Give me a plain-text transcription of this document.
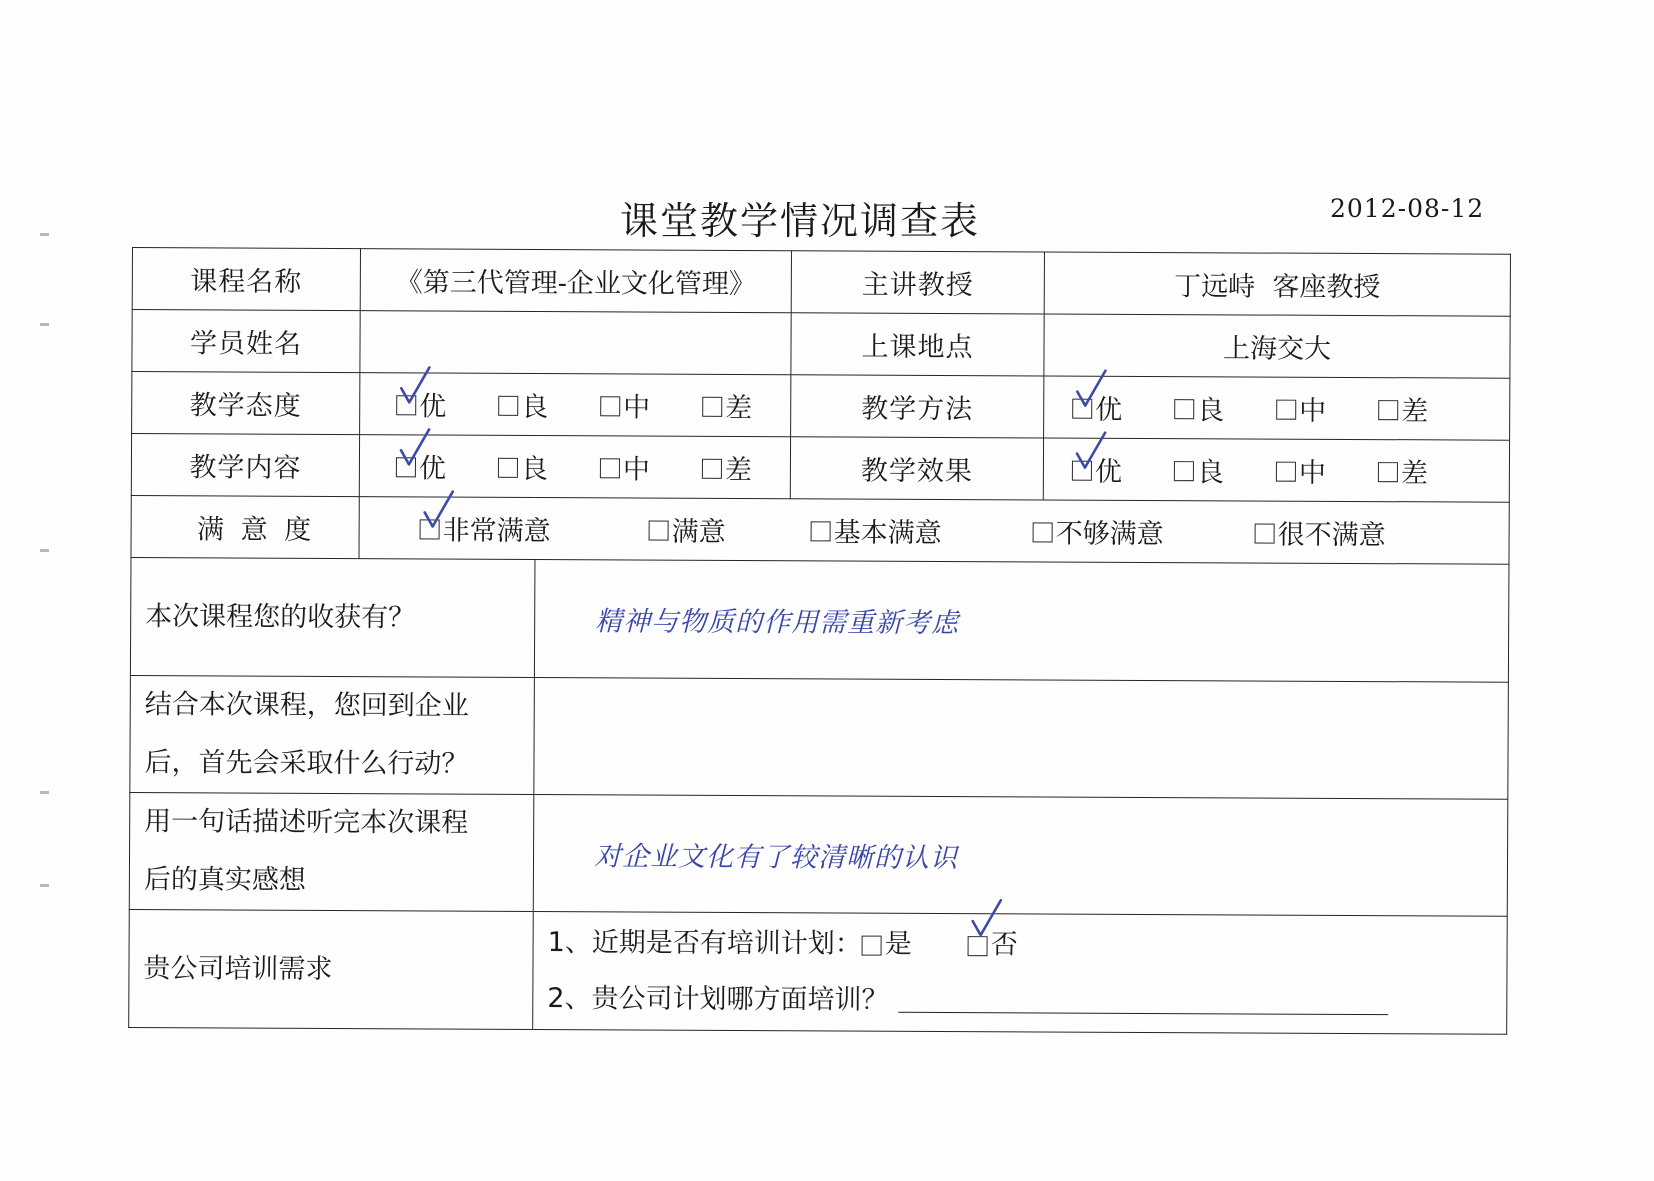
课堂教学情况调查表	2012-08-12
课程名称	《第三代管理-企业文化管理》		主讲教授	丁远峙  客座教授
学员姓名			上课地点	上海交大
教学态度	优 良 中 差		教学方法	优 良 中 差

教学内容	优 良 中 差		教学效果	优 良 中 差

满 意 度	非常满意 满意 基本满意 不够满意 很不满意			

本次课程您的收获有？		精神与物质的作用需重新考虑		

结合本次课程，您回到企业
后，首先会采取什么行动？				

用一句话描述听完本次课程
后的真实感想		对企业文化有了较清晰的认识		
贵公司培训需求		1、近期是否有培训计划： 是 否
2、贵公司计划哪方面培训？		
